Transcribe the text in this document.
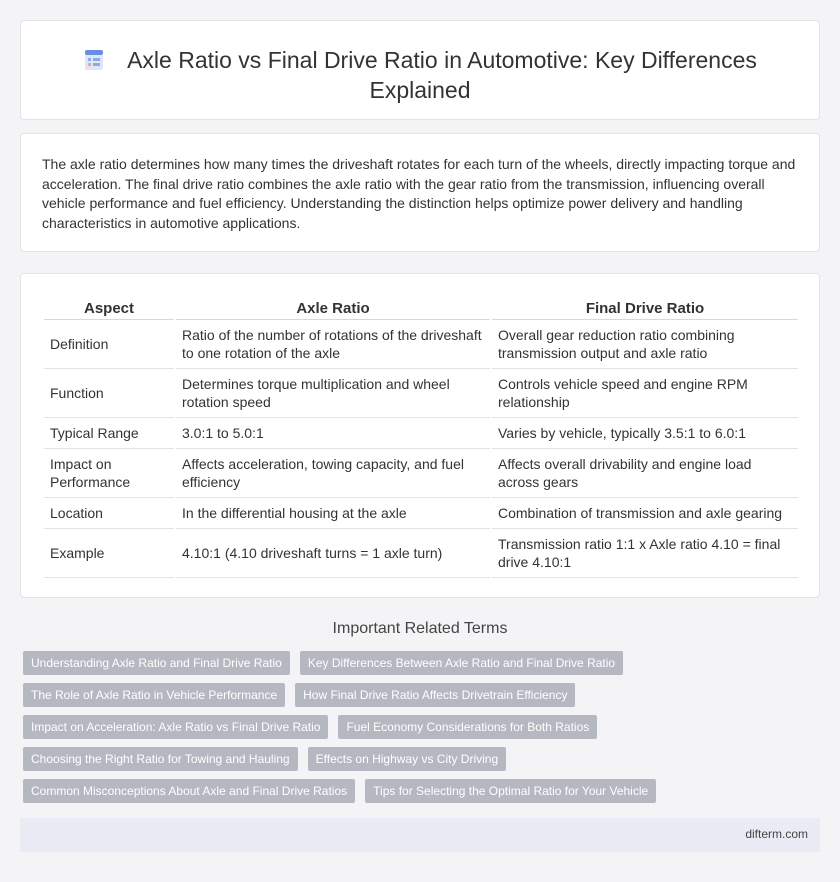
Axle Ratio vs Final Drive Ratio in Automotive: Key Differences Explained

The axle ratio determines how many times the driveshaft rotates for each turn of the wheels, directly impacting torque and acceleration. The final drive ratio combines the axle ratio with the gear ratio from the transmission, influencing overall vehicle performance and fuel efficiency. Understanding the distinction helps optimize power delivery and handling characteristics in automotive applications.

Aspect	Axle Ratio	Final Drive Ratio
Definition	Ratio of the number of rotations of the driveshaft to one rotation of the axle	Overall gear reduction ratio combining transmission output and axle ratio
Function	Determines torque multiplication and wheel rotation speed	Controls vehicle speed and engine RPM relationship
Typical Range	3.0:1 to 5.0:1	Varies by vehicle, typically 3.5:1 to 6.0:1
Impact on Performance	Affects acceleration, towing capacity, and fuel efficiency	Affects overall drivability and engine load across gears
Location	In the differential housing at the axle	Combination of transmission and axle gearing
Example	4.10:1 (4.10 driveshaft turns = 1 axle turn)	Transmission ratio 1:1 x Axle ratio 4.10 = final drive 4.10:1
Important Related Terms
Understanding Axle Ratio and Final Drive Ratio	Key Differences Between Axle Ratio and Final Drive Ratio
The Role of Axle Ratio in Vehicle Performance	How Final Drive Ratio Affects Drivetrain Efficiency
Impact on Acceleration: Axle Ratio vs Final Drive Ratio	Fuel Economy Considerations for Both Ratios
Choosing the Right Ratio for Towing and Hauling	Effects on Highway vs City Driving
Common Misconceptions About Axle and Final Drive Ratios	Tips for Selecting the Optimal Ratio for Your Vehicle
difterm.com
